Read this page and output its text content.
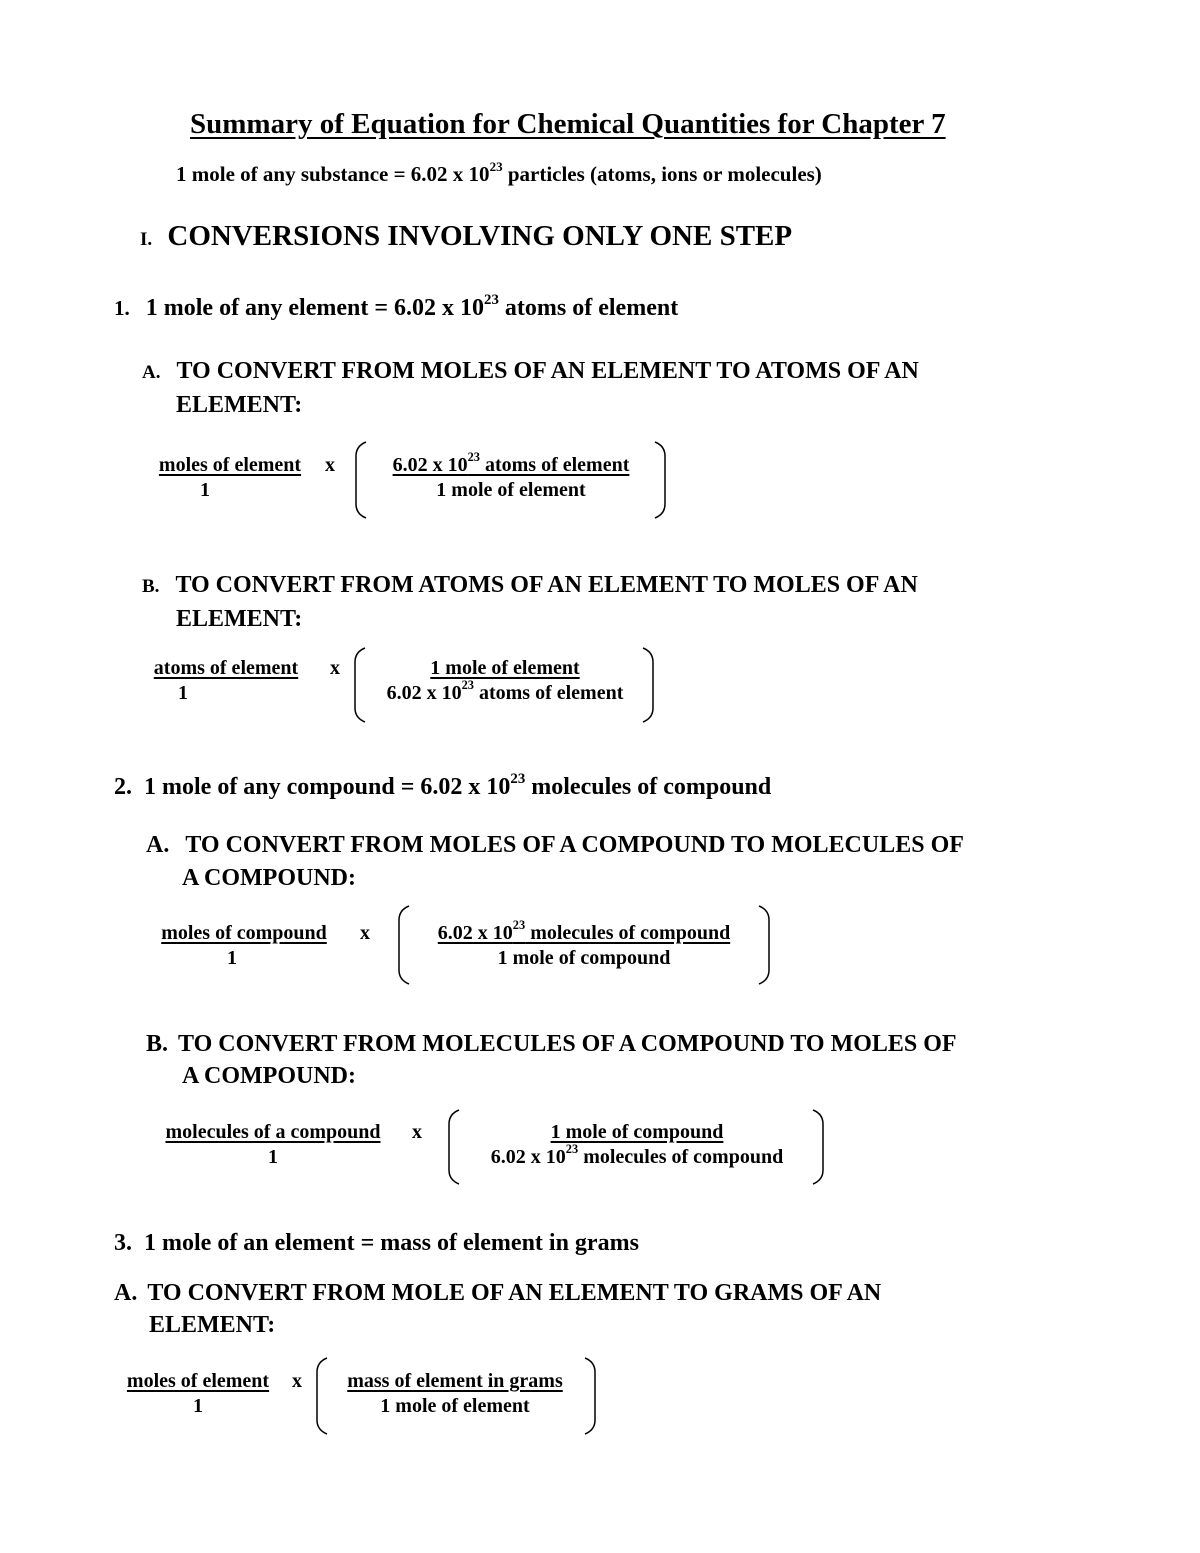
Summary of Equation for Chemical Quantities for Chapter 7
1 mole of any substance = 6.02 x $10^{23}$ particles (atoms, ions or molecules)
I. CONVERSIONS INVOLVING ONLY ONE STEP
1. 1 mole of any element = 6.02 x $10^{23}$ atoms of element
A. TO CONVERT FROM MOLES OF AN ELEMENT TO ATOMS OF AN
ELEMENT:
moles of element
1
x	6.02 x $10^{23}$ atoms of element
1 mole of element
B. TO CONVERT FROM ATOMS OF AN ELEMENT TO MOLES OF AN
ELEMENT:
atoms of element
1
x	1 mole of element
6.02 x $10^{23}$ atoms of element
2. 1 mole of any compound = 6.02 x $10^{23}$ molecules of compound
A. TO CONVERT FROM MOLES OF A COMPOUND TO MOLECULES OF
A COMPOUND:
moles of compound
1
x	6.02 x $10^{23}$ molecules of compound
1 mole of compound
B. TO CONVERT FROM MOLECULES OF A COMPOUND TO MOLES OF
A COMPOUND:
molecules of a compound
1
x	1 mole of compound
6.02 x $10^{23}$ molecules of compound
3. 1 mole of an element = mass of element in grams
A. TO CONVERT FROM MOLE OF AN ELEMENT TO GRAMS OF AN
ELEMENT:
moles of element
1
x	mass of element in grams
1 mole of element
